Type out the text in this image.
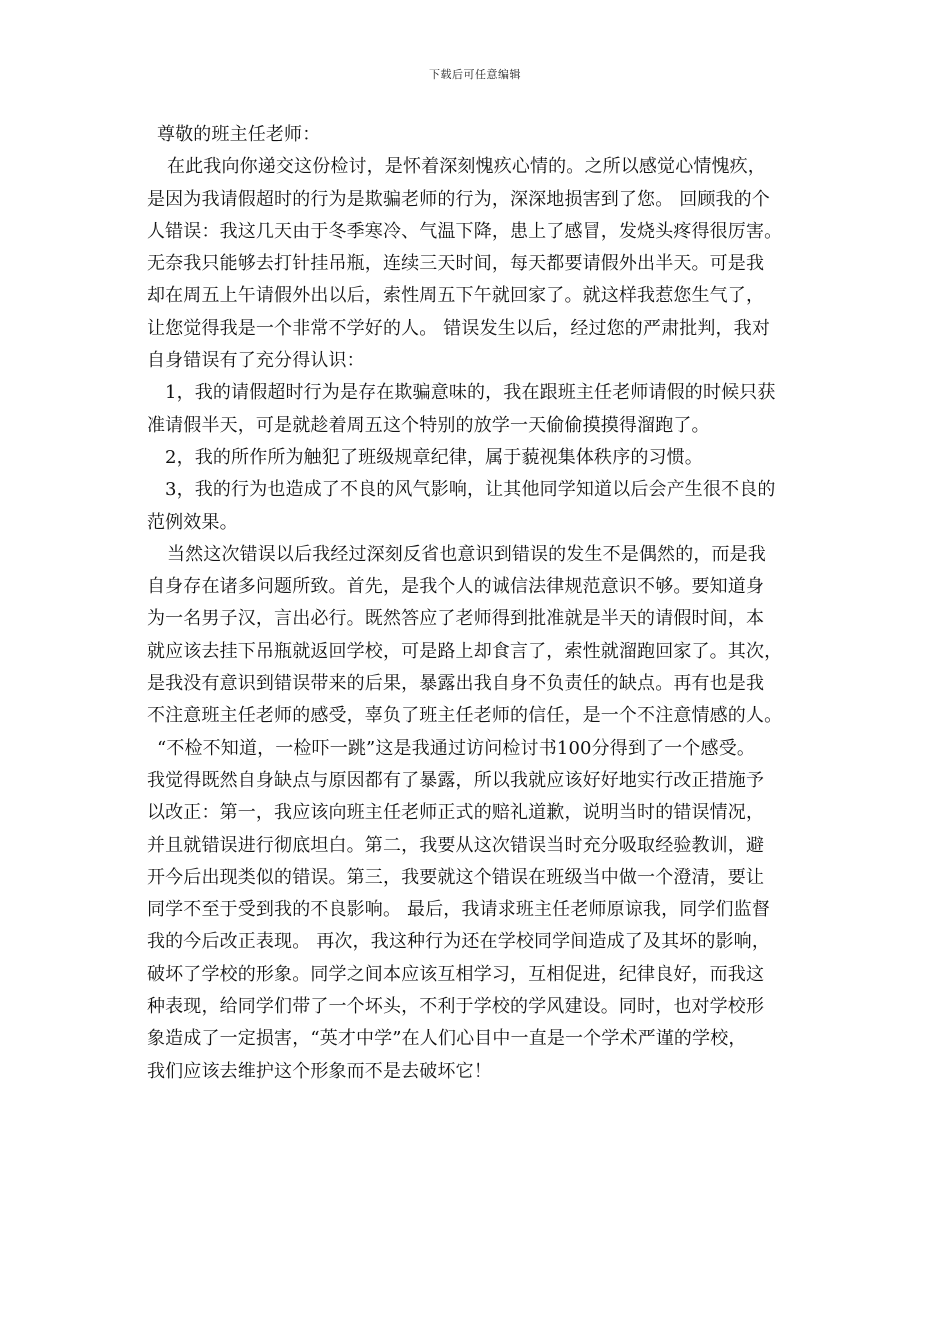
下载后可任意编辑
尊敬的班主任老师：
在此我向你递交这份检讨，是怀着深刻愧疚心情的。之所以感觉心情愧疚，
是因为我请假超时的行为是欺骗老师的行为，深深地损害到了您。 回顾我的个
人错误：我这几天由于冬季寒冷、气温下降，患上了感冒，发烧头疼得很厉害。
无奈我只能够去打针挂吊瓶，连续三天时间，每天都要请假外出半天。可是我
却在周五上午请假外出以后，索性周五下午就回家了。就这样我惹您生气了，
让您觉得我是一个非常不学好的人。 错误发生以后，经过您的严肃批判，我对
自身错误有了充分得认识：
1，我的请假超时行为是存在欺骗意味的，我在跟班主任老师请假的时候只获
准请假半天，可是就趁着周五这个特别的放学一天偷偷摸摸得溜跑了。
2，我的所作所为触犯了班级规章纪律，属于藐视集体秩序的习惯。
3，我的行为也造成了不良的风气影响，让其他同学知道以后会产生很不良的
范例效果。
当然这次错误以后我经过深刻反省也意识到错误的发生不是偶然的，而是我
自身存在诸多问题所致。首先，是我个人的诚信法律规范意识不够。要知道身
为一名男子汉，言出必行。既然答应了老师得到批准就是半天的请假时间，本
就应该去挂下吊瓶就返回学校，可是路上却食言了，索性就溜跑回家了。其次，
是我没有意识到错误带来的后果，暴露出我自身不负责任的缺点。再有也是我
不注意班主任老师的感受，辜负了班主任老师的信任，是一个不注意情感的人。
“不检不知道，一检吓一跳”这是我通过访问检讨书100分得到了一个感受。
我觉得既然自身缺点与原因都有了暴露，所以我就应该好好地实行改正措施予
以改正：第一，我应该向班主任老师正式的赔礼道歉，说明当时的错误情况，
并且就错误进行彻底坦白。第二，我要从这次错误当时充分吸取经验教训，避
开今后出现类似的错误。第三，我要就这个错误在班级当中做一个澄清，要让
同学不至于受到我的不良影响。 最后，我请求班主任老师原谅我，同学们监督
我的今后改正表现。 再次，我这种行为还在学校同学间造成了及其坏的影响，
破坏了学校的形象。同学之间本应该互相学习，互相促进，纪律良好，而我这
种表现，给同学们带了一个坏头，不利于学校的学风建设。同时，也对学校形
象造成了一定损害，“英才中学”在人们心目中一直是一个学术严谨的学校，
我们应该去维护这个形象而不是去破坏它！
